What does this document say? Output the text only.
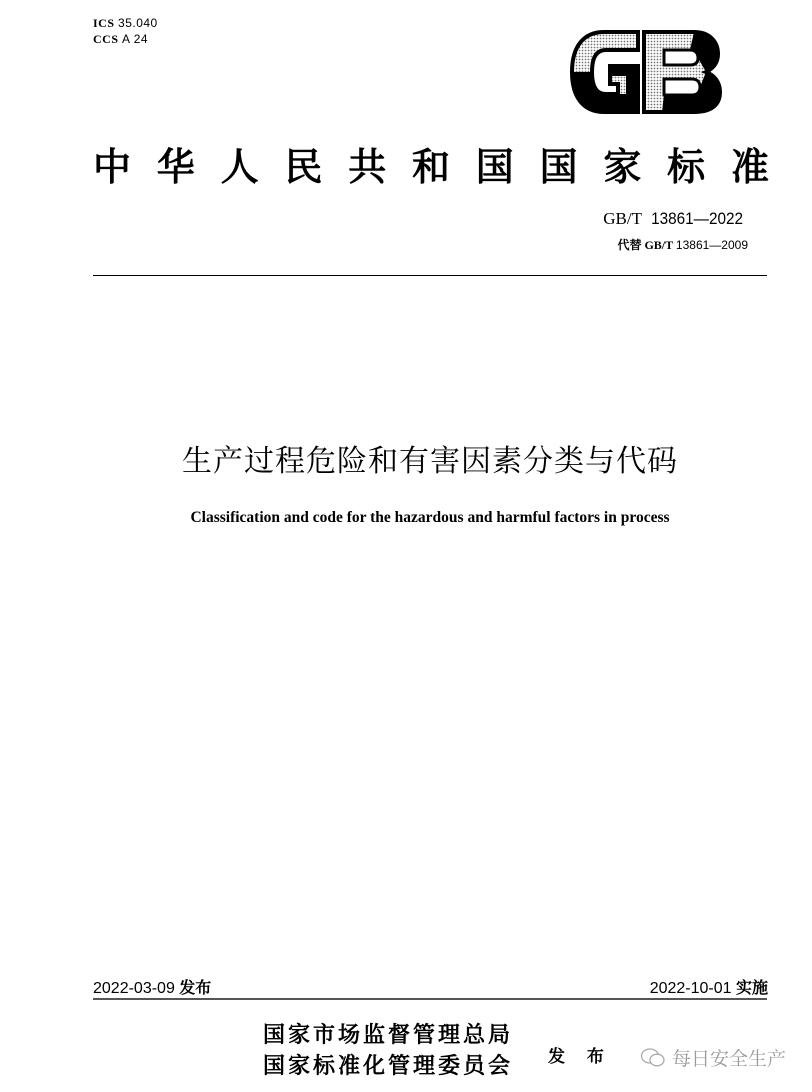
ICS 35.040
CCS A 24
中 华 人 民 共 和 国 国 家 标 准
GB/T 13861—2022
代替 GB/T 13861—2009
生产过程危险和有害因素分类与代码
Classification and code for the hazardous and harmful factors in process
2022-03-09 发布	2022-10-01 实施
国家市场监督管理总局
国家标准化管理委员会 发 布	每日安全生产
